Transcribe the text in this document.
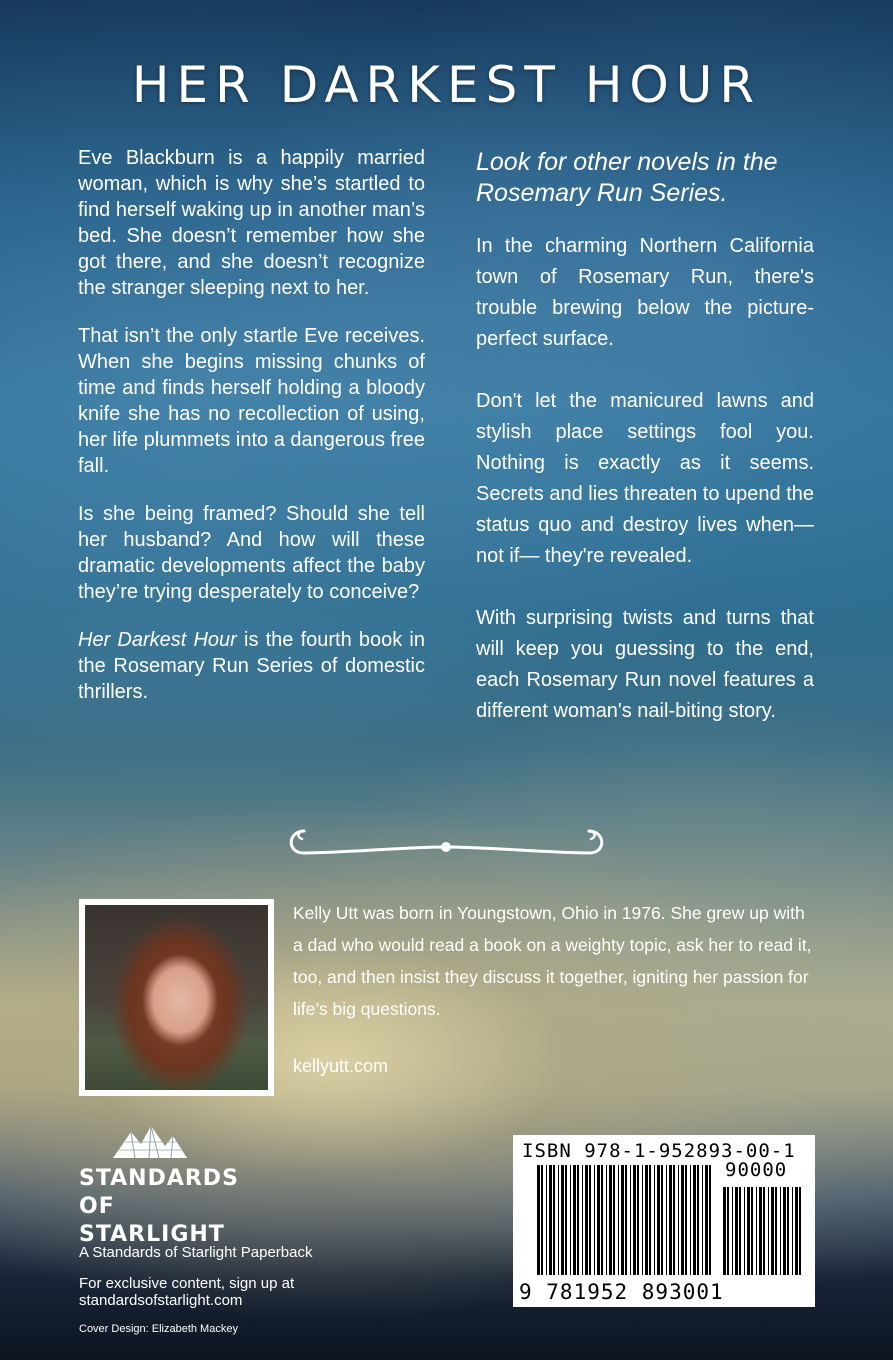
HER DARKEST HOUR

Eve Blackburn is a happily married woman, which is why she’s startled to find herself waking up in another man’s bed. She doesn’t remember how she got there, and she doesn’t recognize the stranger sleeping next to her.

That isn’t the only startle Eve receives. When she begins missing chunks of time and finds herself holding a bloody knife she has no recollection of using, her life plummets into a dangerous free fall.

Is she being framed? Should she tell her husband? And how will these dramatic developments affect the baby they’re trying desperately to conceive?

Her Darkest Hour is the fourth book in the Rosemary Run Series of domestic thrillers.

Look for other novels in the Rosemary Run Series.

In the charming Northern California town of Rosemary Run, there's trouble brewing below the picture-perfect surface.

Don't let the manicured lawns and stylish place settings fool you. Nothing is exactly as it seems. Secrets and lies threaten to upend the status quo and destroy lives when— not if— they're revealed.

With surprising twists and turns that will keep you guessing to the end, each Rosemary Run novel features a different woman's nail-biting story.

Kelly Utt was born in Youngstown, Ohio in 1976. She grew up with a dad who would read a book on a weighty topic, ask her to read it, too, and then insist they discuss it together, igniting her passion for life’s big questions.
kellyutt.com
STANDARDS
OF STARLIGHT
A Standards of Starlight Paperback
For exclusive content, sign up at
standardsofstarlight.com
Cover Design: Elizabeth Mackey
ISBN 978-1-952893-00-1
90000
9 781952 893001
